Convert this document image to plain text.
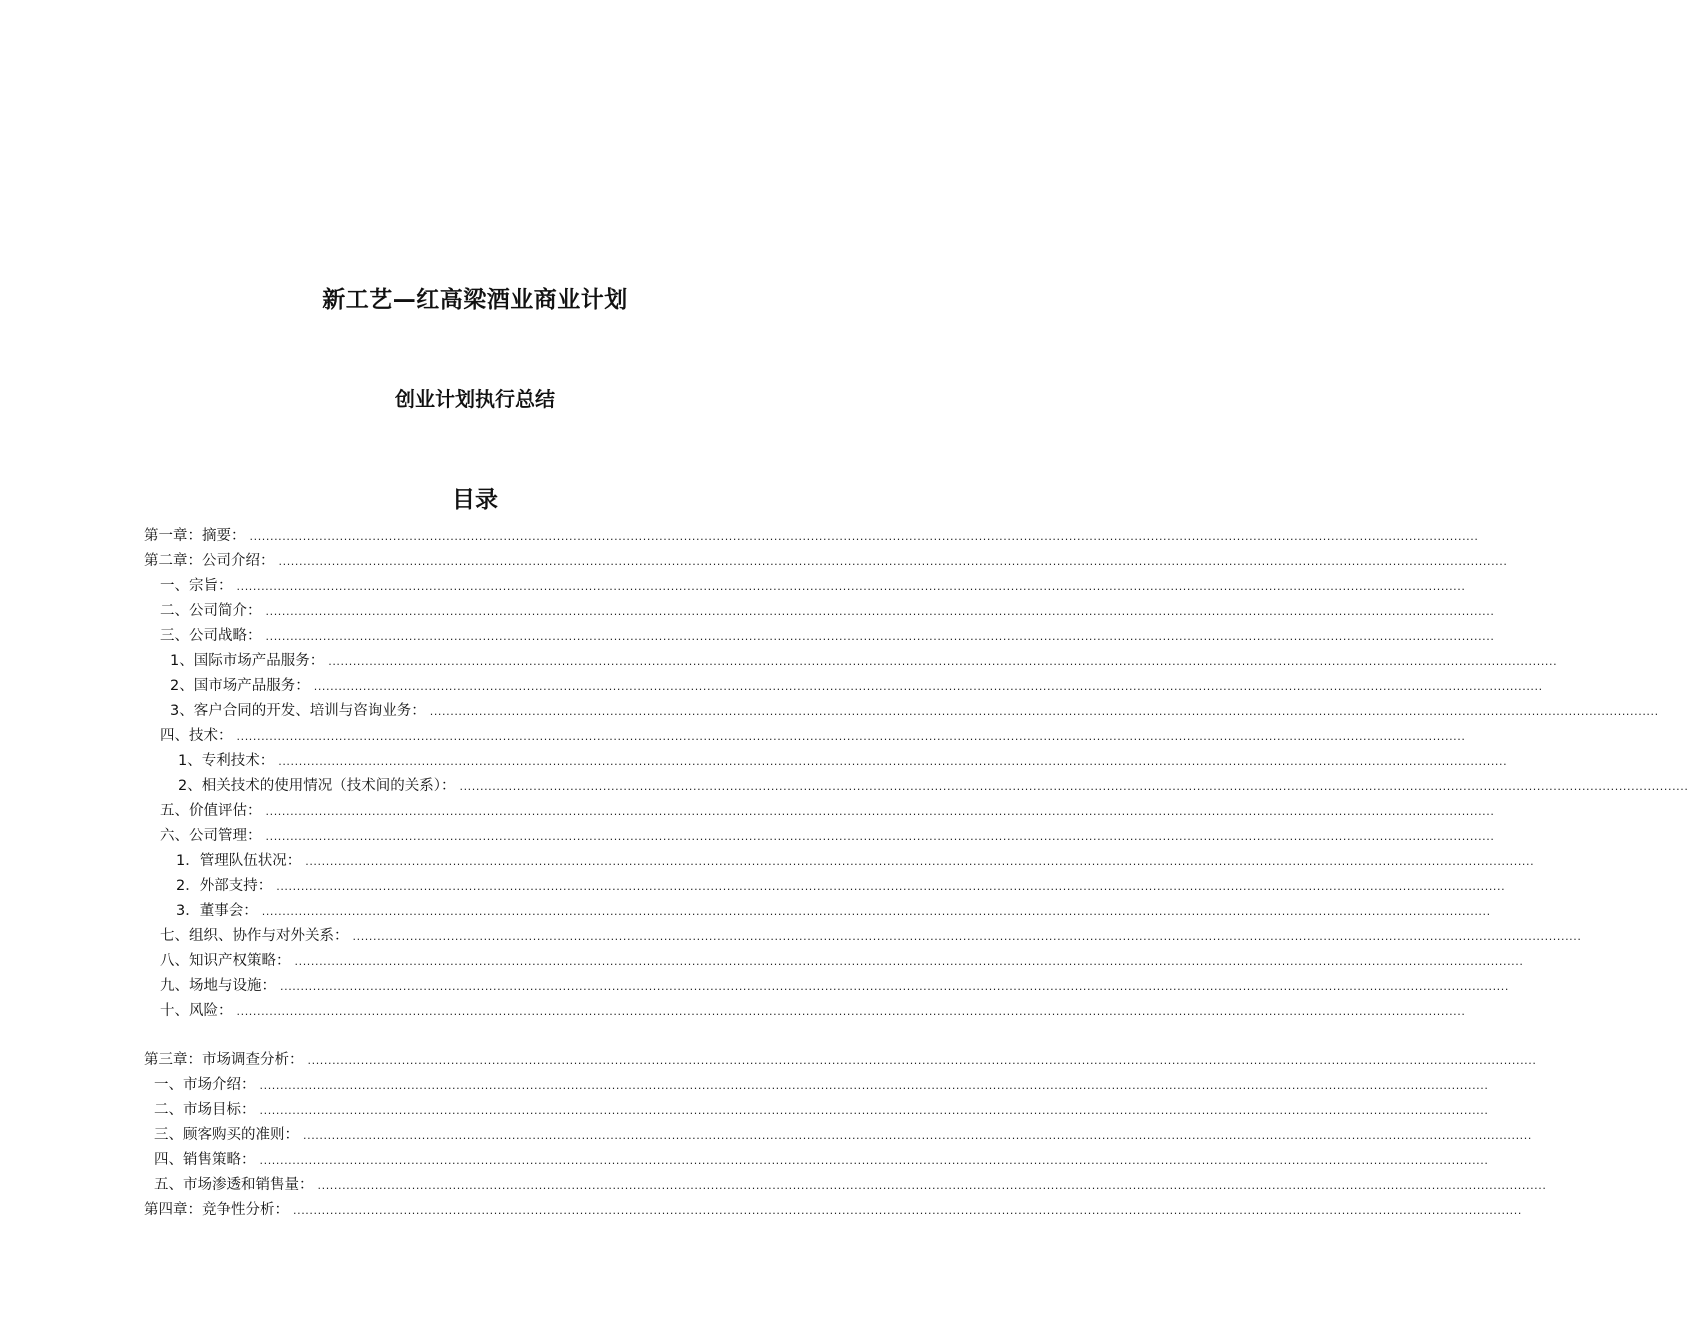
新工艺—红高梁酒业商业计划
创业计划执行总结
目录
第一章：摘要： ............................................................................................................................................................................................................................................................................................................
第二章：公司介绍： ............................................................................................................................................................................................................................................................................................................
一、宗旨： ............................................................................................................................................................................................................................................................................................................
二、公司简介： ............................................................................................................................................................................................................................................................................................................
三、公司战略： ............................................................................................................................................................................................................................................................................................................
1、国际市场产品服务： ............................................................................................................................................................................................................................................................................................................
2、国市场产品服务： ............................................................................................................................................................................................................................................................................................................
3、客户合同的开发、培训与咨询业务： ............................................................................................................................................................................................................................................................................................................
四、技术： ............................................................................................................................................................................................................................................................................................................
1、专利技术： ............................................................................................................................................................................................................................................................................................................
2、相关技术的使用情况（技术间的关系）： ............................................................................................................................................................................................................................................................................................................
五、价值评估： ............................................................................................................................................................................................................................................................................................................
六、公司管理： ............................................................................................................................................................................................................................................................................................................
1．管理队伍状况： ............................................................................................................................................................................................................................................................................................................
2．外部支持： ............................................................................................................................................................................................................................................................................................................
3．董事会： ............................................................................................................................................................................................................................................................................................................
七、组织、协作与对外关系： ............................................................................................................................................................................................................................................................................................................
八、知识产权策略： ............................................................................................................................................................................................................................................................................................................
九、场地与设施： ............................................................................................................................................................................................................................................................................................................
十、风险： ............................................................................................................................................................................................................................................................................................................
第三章：市场调查分析： ............................................................................................................................................................................................................................................................................................................
一、市场介绍： ............................................................................................................................................................................................................................................................................................................
二、市场目标： ............................................................................................................................................................................................................................................................................................................
三、顾客购买的准则： ............................................................................................................................................................................................................................................................................................................
四、销售策略： ............................................................................................................................................................................................................................................................................................................
五、市场渗透和销售量： ............................................................................................................................................................................................................................................................................................................
第四章：竞争性分析： ............................................................................................................................................................................................................................................................................................................
